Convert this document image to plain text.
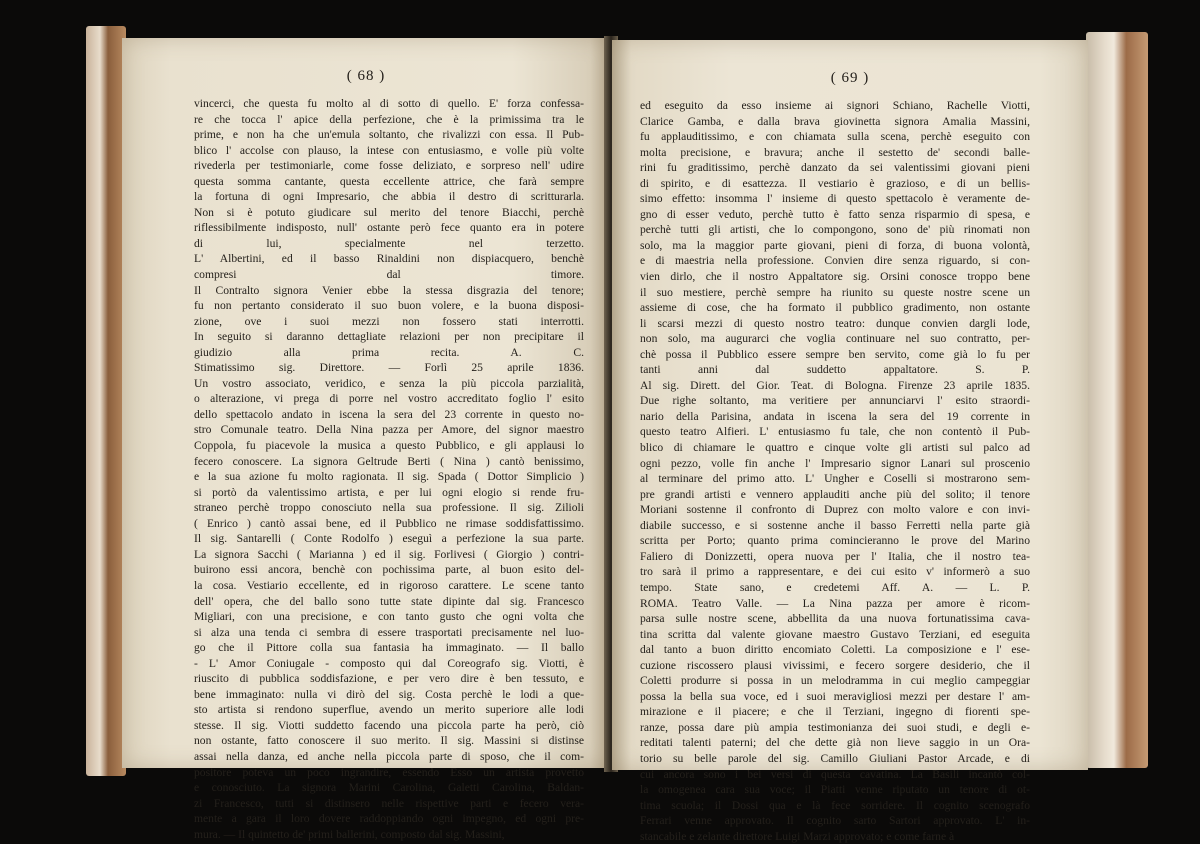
( 68 )
vincerci, che questa fu molto al di sotto di quello. E' forza confessa-
re che tocca l' apice della perfezione, che è la primissima tra le
prime, e non ha che un'emula soltanto, che rivalizzi con essa. Il Pub-
blico l' accolse con plauso, la intese con entusiasmo, e volle più volte
rivederla per testimoniarle, come fosse deliziato, e sorpreso nell' udire
questa somma cantante, questa eccellente attrice, che farà sempre
la fortuna di ogni Impresario, che abbia il destro di scritturarla.
Non si è potuto giudicare sul merito del tenore Biacchi, perchè
riflessibilmente indisposto, null' ostante però fece quanto era in potere
di lui, specialmente nel terzetto.
L' Albertini, ed il basso Rinaldini non dispiacquero, benchè
compresi dal timore.
Il Contralto signora Venier ebbe la stessa disgrazia del tenore;
fu non pertanto considerato il suo buon volere, e la buona disposi-
zione, ove i suoi mezzi non fossero stati interrotti.
In seguito si daranno dettagliate relazioni per non precipitare il
giudizio alla prima recita. A. C.
Stimatissimo sig. Direttore. — Forlì 25 aprile 1836.
Un vostro associato, veridico, e senza la più piccola parzialità,
o alterazione, vi prega di porre nel vostro accreditato foglio l' esito
dello spettacolo andato in iscena la sera del 23 corrente in questo no-
stro Comunale teatro. Della Nina pazza per Amore, del signor maestro
Coppola, fu piacevole la musica a questo Pubblico, e gli applausi lo
fecero conoscere. La signora Geltrude Berti ( Nina ) cantò benissimo,
e la sua azione fu molto ragionata. Il sig. Spada ( Dottor Simplicio )
si portò da valentissimo artista, e per lui ogni elogio si rende fru-
straneo perchè troppo conosciuto nella sua professione. Il sig. Zilioli
( Enrico ) cantò assai bene, ed il Pubblico ne rimase soddisfattissimo.
Il sig. Santarelli ( Conte Rodolfo ) eseguì a perfezione la sua parte.
La signora Sacchi ( Marianna ) ed il sig. Forlivesi ( Giorgio ) contri-
buirono essi ancora, benchè con pochissima parte, al buon esito del-
la cosa. Vestiario eccellente, ed in rigoroso carattere. Le scene tanto
dell' opera, che del ballo sono tutte state dipinte dal sig. Francesco
Migliari, con una precisione, e con tanto gusto che ogni volta che
si alza una tenda ci sembra di essere trasportati precisamente nel luo-
go che il Pittore colla sua fantasia ha immaginato. — Il ballo
- L' Amor Coniugale - composto qui dal Coreografo sig. Viotti, è
riuscito di pubblica soddisfazione, e per vero dire è ben tessuto, e
bene immaginato: nulla vi dirò del sig. Costa perchè le lodi a que-
sto artista si rendono superflue, avendo un merito superiore alle lodi
stesse. Il sig. Viotti suddetto facendo una piccola parte ha però, ciò
non ostante, fatto conoscere il suo merito. Il sig. Massini si distinse
assai nella danza, ed anche nella piccola parte di sposo, che il com-
positore poteva un poco ingrandire, essendo Esso un artista provetto
e conosciuto. La signora Marini Carolina, Galetti Carolina, Baldan-
zi Francesco, tutti si distinsero nelle rispettive parti e fecero vera-
mente a gara il loro dovere raddoppiando ogni impegno, ed ogni pre-
mura. — Il quintetto de' primi ballerini, composto dal sig. Massini,
( 69 )
ed eseguito da esso insieme ai signori Schiano, Rachelle Viotti,
Clarice Gamba, e dalla brava giovinetta signora Amalia Massini,
fu applauditissimo, e con chiamata sulla scena, perchè eseguito con
molta precisione, e bravura; anche il sestetto de' secondi balle-
rini fu graditissimo, perchè danzato da sei valentissimi giovani pieni
di spirito, e di esattezza. Il vestiario è grazioso, e di un bellis-
simo effetto: insomma l' insieme di questo spettacolo è veramente de-
gno di esser veduto, perchè tutto è fatto senza risparmio di spesa, e
perchè tutti gli artisti, che lo compongono, sono de' più rinomati non
solo, ma la maggior parte giovani, pieni di forza, di buona volontà,
e di maestria nella professione. Convien dire senza riguardo, si con-
vien dirlo, che il nostro Appaltatore sig. Orsini conosce troppo bene
il suo mestiere, perchè sempre ha riunito su queste nostre scene un
assieme di cose, che ha formato il pubblico gradimento, non ostante
li scarsi mezzi di questo nostro teatro: dunque convien dargli lode,
non solo, ma augurarci che voglia continuare nel suo contratto, per-
chè possa il Pubblico essere sempre ben servito, come già lo fu per
tanti anni dal suddetto appaltatore. S. P.
Al sig. Dirett. del Gior. Teat. di Bologna. Firenze 23 aprile 1835.
Due righe soltanto, ma veritiere per annunciarvi l' esito straordi-
nario della Parisina, andata in iscena la sera del 19 corrente in
questo teatro Alfieri. L' entusiasmo fu tale, che non contentò il Pub-
blico di chiamare le quattro e cinque volte gli artisti sul palco ad
ogni pezzo, volle fin anche l' Impresario signor Lanari sul proscenio
al terminare del primo atto. L' Ungher e Coselli si mostrarono sem-
pre grandi artisti e vennero applauditi anche più del solito; il tenore
Moriani sostenne il confronto di Duprez con molto valore e con invi-
diabile successo, e si sostenne anche il basso Ferretti nella parte già
scritta per Porto; quanto prima comincieranno le prove del Marino
Faliero di Donizzetti, opera nuova per l' Italia, che il nostro tea-
tro sarà il primo a rappresentare, e dei cui esito v' informerò a suo
tempo. State sano, e credetemi Aff. A. — L. P.
ROMA. Teatro Valle. — La Nina pazza per amore è ricom-
parsa sulle nostre scene, abbellita da una nuova fortunatissima cava-
tina scritta dal valente giovane maestro Gustavo Terziani, ed eseguita
dal tanto a buon diritto encomiato Coletti. La composizione e l' ese-
cuzione riscossero plausi vivissimi, e fecero sorgere desiderio, che il
Coletti produrre si possa in un melodramma in cui meglio campeggiar
possa la bella sua voce, ed i suoi meravigliosi mezzi per destare l' am-
mirazione e il piacere; e che il Terziani, ingegno di fiorenti spe-
ranze, possa dare più ampia testimonianza dei suoi studi, e degli e-
reditati talenti paterni; del che dette già non lieve saggio in un Ora-
torio su belle parole del sig. Camillo Giuliani Pastor Arcade, e di
cui ancora sono i bei versi di questa cavatina. La Basili incantò col-
la omogenea cara sua voce; il Piatti venne riputato un tenore di ot-
tima scuola; il Dossi qua e là fece sorridere. Il cognito scenografo
Ferrari venne approvato. Il cognito sarto Sartori approvato. L' in-
stancabile e zelante direttore Luigi Marzi approvato; e come farne à
